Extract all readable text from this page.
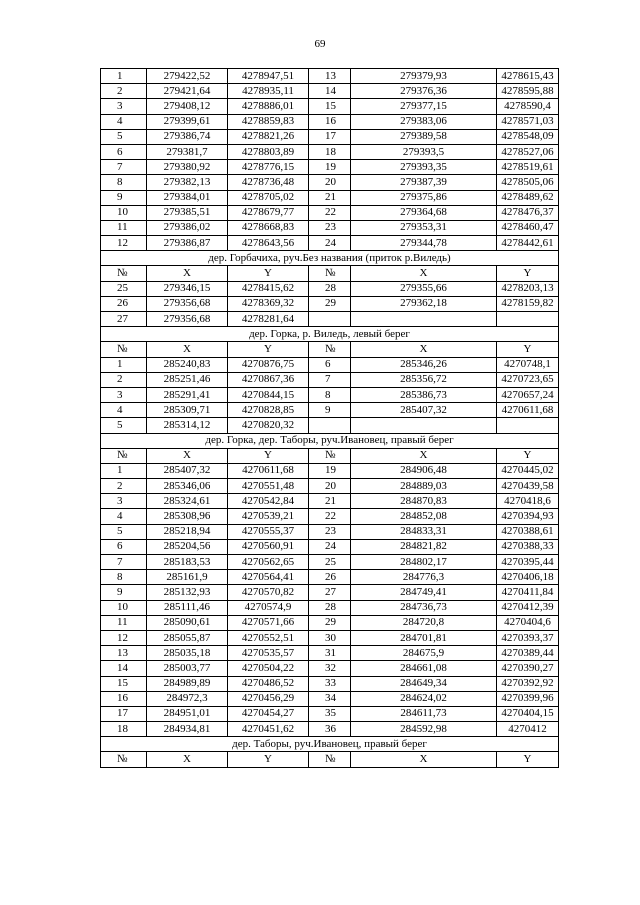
69
1	279422,52	4278947,51	13	279379,93	4278615,43
2	279421,64	4278935,11	14	279376,36	4278595,88
3	279408,12	4278886,01	15	279377,15	4278590,4
4	279399,61	4278859,83	16	279383,06	4278571,03
5	279386,74	4278821,26	17	279389,58	4278548,09
6	279381,7	4278803,89	18	279393,5	4278527,06
7	279380,92	4278776,15	19	279393,35	4278519,61
8	279382,13	4278736,48	20	279387,39	4278505,06
9	279384,01	4278705,02	21	279375,86	4278489,62
10	279385,51	4278679,77	22	279364,68	4278476,37
11	279386,02	4278668,83	23	279353,31	4278460,47
12	279386,87	4278643,56	24	279344,78	4278442,61
дер. Горбачиха, руч.Без названия (приток р.Виледь)					
№	X	Y	№	X	Y
25	279346,15	4278415,62	28	279355,66	4278203,13
26	279356,68	4278369,32	29	279362,18	4278159,82
27	279356,68	4278281,64			
дер. Горка, р. Виледь, левый берег					
№	X	Y	№	X	Y
1	285240,83	4270876,75	6	285346,26	4270748,1
2	285251,46	4270867,36	7	285356,72	4270723,65
3	285291,41	4270844,15	8	285386,73	4270657,24
4	285309,71	4270828,85	9	285407,32	4270611,68
5	285314,12	4270820,32			
дер. Горка, дер. Таборы, руч.Ивановец, правый берег					
№	X	Y	№	X	Y
1	285407,32	4270611,68	19	284906,48	4270445,02
2	285346,06	4270551,48	20	284889,03	4270439,58
3	285324,61	4270542,84	21	284870,83	4270418,6
4	285308,96	4270539,21	22	284852,08	4270394,93
5	285218,94	4270555,37	23	284833,31	4270388,61
6	285204,56	4270560,91	24	284821,82	4270388,33
7	285183,53	4270562,65	25	284802,17	4270395,44
8	285161,9	4270564,41	26	284776,3	4270406,18
9	285132,93	4270570,82	27	284749,41	4270411,84
10	285111,46	4270574,9	28	284736,73	4270412,39
11	285090,61	4270571,66	29	284720,8	4270404,6
12	285055,87	4270552,51	30	284701,81	4270393,37
13	285035,18	4270535,57	31	284675,9	4270389,44
14	285003,77	4270504,22	32	284661,08	4270390,27
15	284989,89	4270486,52	33	284649,34	4270392,92
16	284972,3	4270456,29	34	284624,02	4270399,96
17	284951,01	4270454,27	35	284611,73	4270404,15
18	284934,81	4270451,62	36	284592,98	4270412
дер. Таборы, руч.Ивановец, правый берег					
№	X	Y	№	X	Y
